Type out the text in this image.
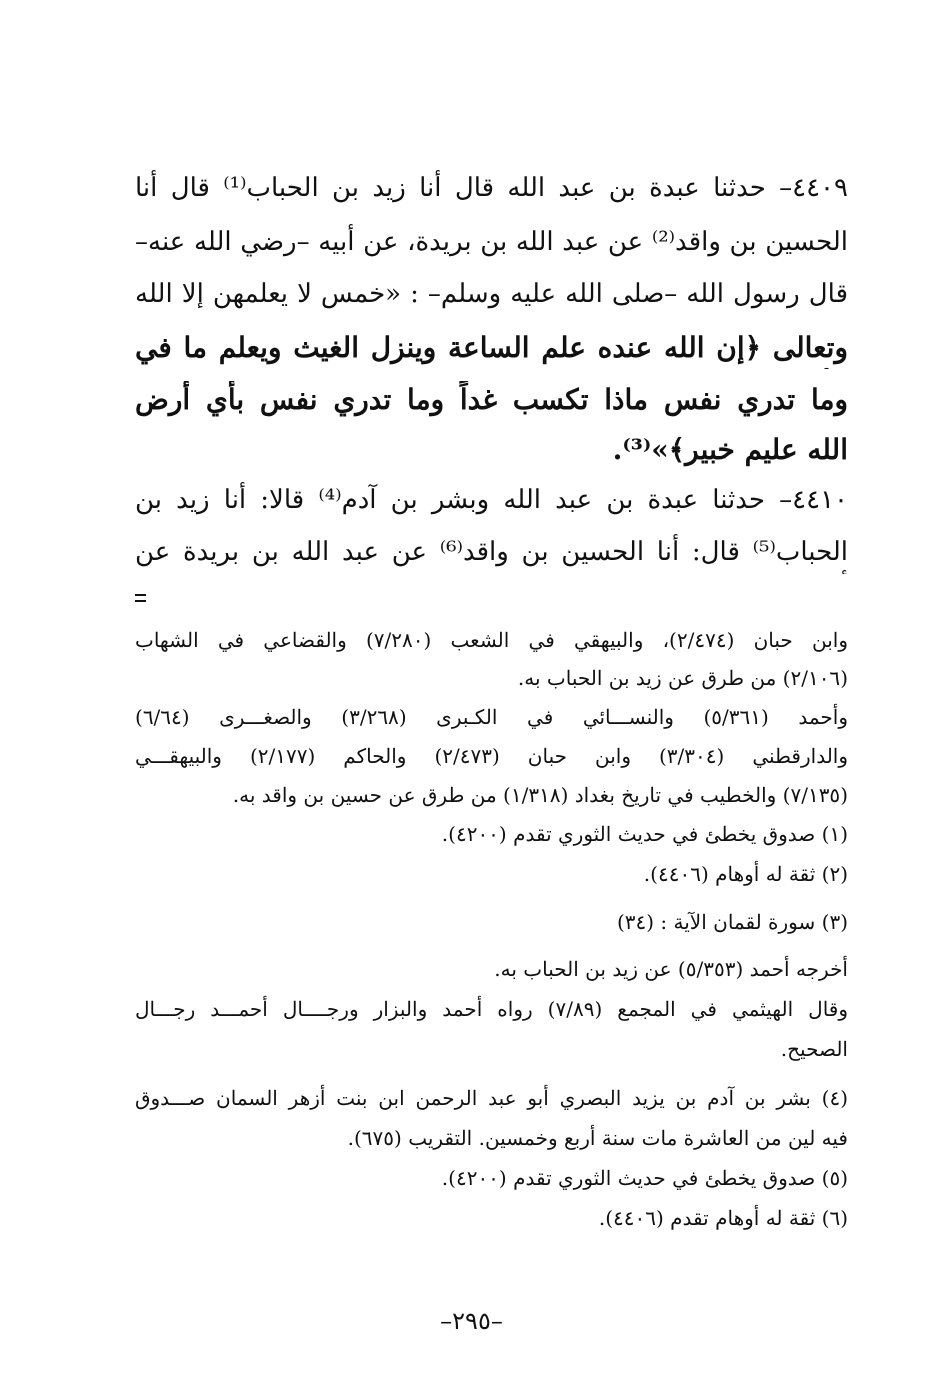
٤٤٠٩– حدثنا عبدة بن عبد الله قال أنا زيد بن الحباب⁽¹⁾ قال أنا
الحسين بن واقد⁽²⁾ عن عبد الله بن بريدة، عن أبيه –رضي الله عنه–
قال رسول الله –صلى الله عليه وسلم– : «خمس لا يعلمهن إلا الله
وتعالى ﴿إن الله عنده علم الساعة وينزل الغيث ويعلم ما في
وما تدري نفس ماذا تكسب غداً وما تدري نفس بأي أرض
الله عليم خبير﴾»⁽³⁾.
٤٤١٠– حدثنا عبدة بن عبد الله وبشر بن آدم⁽⁴⁾ قالا: أنا زيد بن
الحباب⁽⁵⁾ قال: أنا الحسين بن واقد⁽⁶⁾ عن عبد الله بن بريدة عن
وابن حبان (٢/٤٧٤)، والبيهقي في الشعب (٧/٢٨٠) والقضاعي في الشهاب
(٢/١٠٦) من طرق عن زيد بن الحباب به.
وأحمد (٥/٣٦١) والنســـائي في الكـبرى (٣/٢٦٨) والصغـــرى (٦/٦٤)
والدارقطني (٣/٣٠٤) وابن حبان (٢/٤٧٣) والحاكم (٢/١٧٧) والبيهقـــي
(٧/١٣٥) والخطيب في تاريخ بغداد (١/٣١٨) من طرق عن حسين بن واقد به.
(١) صدوق يخطئ في حديث الثوري تقدم (٤٢٠٠).
(٢) ثقة له أوهام (٤٤٠٦).
(٣) سورة لقمان الآية : (٣٤)
أخرجه أحمد (٥/٣٥٣) عن زيد بن الحباب به.
وقال الهيثمي في المجمع (٧/٨٩) رواه أحمد والبزار ورجــــال أحمـــد رجـــال
الصحيح.
(٤) بشر بن آدم بن يزيد البصري أبو عبد الرحمن ابن بنت أزهر السمان صـــدوق
فيه لين من العاشرة مات سنة أربع وخمسين. التقريب (٦٧٥).
(٥) صدوق يخطئ في حديث الثوري تقدم (٤٢٠٠).
(٦) ثقة له أوهام تقدم (٤٤٠٦).
–٢٩٥–
